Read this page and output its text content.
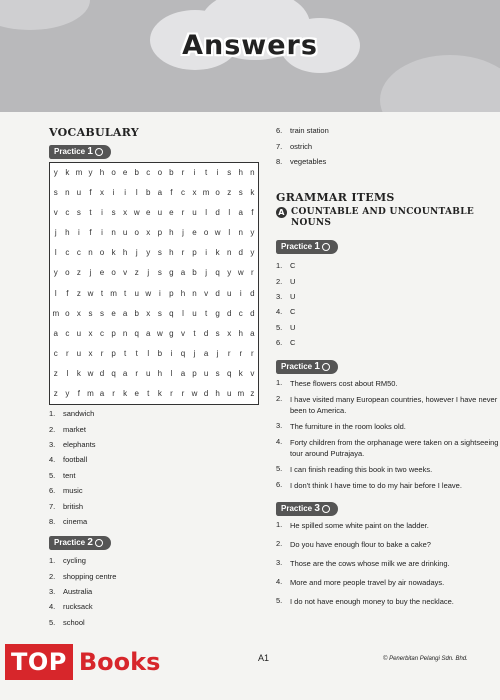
Answers
VOCABULARY
Practice 1
y k m y h o e b c o b	r	i	t	i	s h n
s n u	f	x	i	i	l	b a	f	c x m o z s k
v c s	t	i	s x w e u e	r	u	l	d	l	a	f
j	h	i	f	i	n u o x p h	j	e o w l	n y
l	c c n o k h	j	y s h	r	p	i	k n d y
y o z	j	e o v z	j	s g a b	j	q y w r
l	f	z w t m t	u w i	p h n v d u	i	d
m o x s s e a b x s q	l	u	t	g d c d
a c u x c p n q a w g v	t	d s x h a
c	r	u x	r	p	t	t	l	b	i	q	j	a	j	r	r	r
z	l	k w d q a	r	u h	l	a p u s q k v
z y	f m a	r	k e	t	k	r	r w d h u m z
1.	sandwich
2.	market
3.	elephants
4.	football
5.	tent
6.	music
7.	british
8.	cinema
Practice 2
1.	cycling
2.	shopping centre
3.	Australia
4.	rucksack
5.	school
6.	train station
7.	ostrich
8.	vegetables
GRAMMAR ITEMS
A COUNTABLE AND UNCOUNTABLE
NOUNS
Practice 1
1.	C
2.	U
3.	U
4.	C
5.	U
6.	C
Practice 1
1.	These flowers cost about RM50.
2.	I have visited many European countries, however I have never been to America.
3.	The furniture in the room looks old.
4.	Forty children from the orphanage were taken on a sightseeing tour around Putrajaya.
5.	I can finish reading this book in two weeks.
6.	I don't think I have time to do my hair before I leave.
Practice 3
1.	He spilled some white paint on the ladder.
2.	Do you have enough flour to bake a cake?
3.	Those are the cows whose milk we are drinking.
4.	More and more people travel by air nowadays.
5.	I do not have enough money to buy the necklace.
A1	© Penerbitan Pelangi Sdn. Bhd.
TOP Books
